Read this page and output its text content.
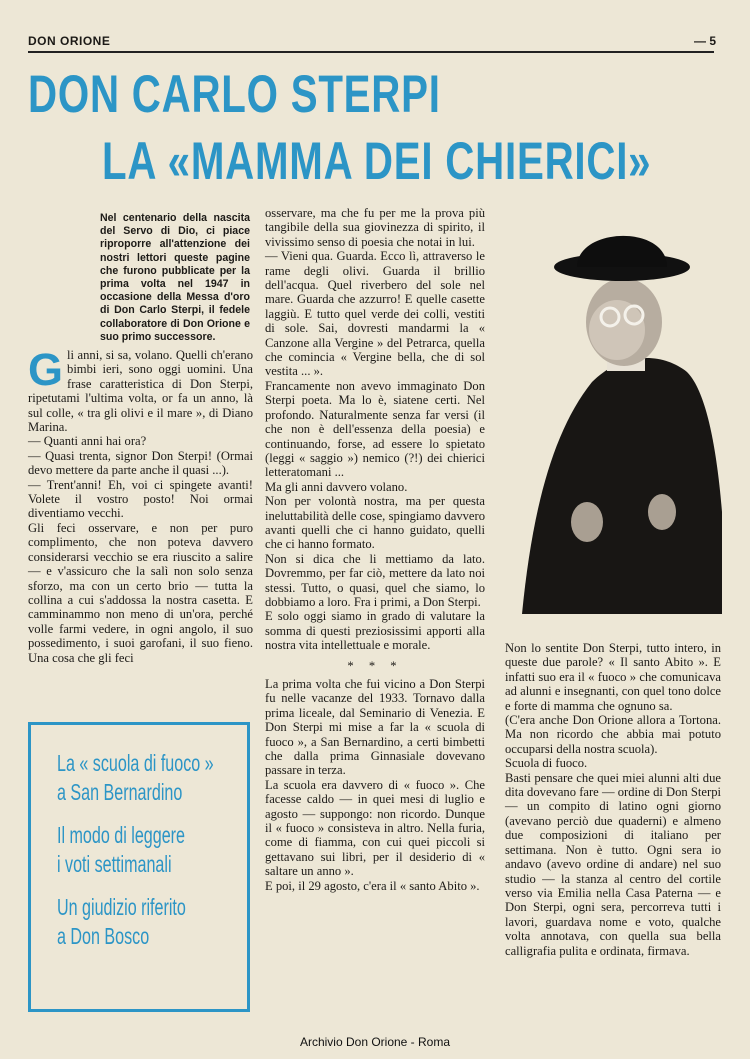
DON ORIONE	— 5
DON CARLO STERPI
LA «MAMMA DEI CHIERICI»
Nel centenario della nascita del Servo di Dio, ci piace riproporre all'attenzione dei nostri lettori queste pagine che furono pubblicate per la prima volta nel 1947 in occasione della Messa d'oro di Don Carlo Sterpi, il fedele collaboratore di Don Orione e suo primo successore.
Gli anni, si sa, volano. Quelli ch'erano bimbi ieri, sono oggi uomini. Una frase caratteristica di Don Sterpi, ripetutami l'ultima volta, or fa un anno, là sul colle, « tra gli olivi e il mare », di Diano Marina.
— Quanti anni hai ora?
— Quasi trenta, signor Don Sterpi! (Ormai devo mettere da parte anche il quasi ...).
— Trent'anni! Eh, voi ci spingete avanti! Volete il vostro posto! Noi ormai diventiamo vecchi.
Gli feci osservare, e non per puro complimento, che non poteva davvero considerarsi vecchio se era riuscito a salire — e v'assicuro che la salì non solo senza sforzo, ma con un certo brio — tutta la collina a cui s'addossa la nostra casetta. E camminammo non meno di un'ora, perché volle farmi vedere, in ogni angolo, il suo possedimento, i suoi garofani, il suo fieno. Una cosa che gli feci
osservare, ma che fu per me la prova più tangibile della sua giovinezza di spirito, il vivissimo senso di poesia che notai in lui.
— Vieni qua. Guarda. Ecco lì, attraverso le rame degli olivi. Guarda il brillio dell'acqua. Quel riverbero del sole nel mare. Guarda che azzurro! E quelle casette laggiù. E tutto quel verde dei colli, vestiti di sole. Sai, dovresti mandarmi la « Canzone alla Vergine » del Petrarca, quella che comincia « Vergine bella, che di sol vestita ... ».
Francamente non avevo immaginato Don Sterpi poeta. Ma lo è, siatene certi. Nel profondo. Naturalmente senza far versi (il che non è dell'essenza della poesia) e continuando, forse, ad essere lo spietato (leggi « saggio ») nemico (?!) dei chierici letteratomani ...
Ma gli anni davvero volano.
Non per volontà nostra, ma per questa ineluttabilità delle cose, spingiamo davvero avanti quelli che ci hanno guidato, quelli che ci hanno formato.
Non si dica che li mettiamo da lato. Dovremmo, per far ciò, mettere da lato noi stessi. Tutto, o quasi, quel che siamo, lo dobbiamo a loro. Fra i primi, a Don Sterpi.
E solo oggi siamo in grado di valutare la somma di questi preziosissimi apporti alla nostra vita intellettuale e morale.
* * *
La prima volta che fui vicino a Don Sterpi fu nelle vacanze del 1933. Tornavo dalla prima liceale, dal Seminario di Venezia. E Don Sterpi mi mise a far la « scuola di fuoco », a San Bernardino, a certi bimbetti che dalla prima Ginnasiale dovevano passare in terza.
La scuola era davvero di « fuoco ». Che facesse caldo — in quei mesi di luglio e agosto — suppongo: non ricordo. Dunque il « fuoco » consisteva in altro. Nella furia, come di fiamma, con cui quei piccoli si gettavano sui libri, per il desiderio di « saltare un anno ».
E poi, il 29 agosto, c'era il « santo Abito ».
Non lo sentite Don Sterpi, tutto intero, in queste due parole? « Il santo Abito ». E infatti suo era il « fuoco » che comunicava ad alunni e insegnanti, con quel tono dolce e forte di mamma che ognuno sa.
(C'era anche Don Orione allora a Tortona. Ma non ricordo che abbia mai potuto occuparsi della nostra scuola).
Scuola di fuoco.
Basti pensare che quei miei alunni alti due dita dovevano fare — ordine di Don Sterpi — un compito di latino ogni giorno (avevano perciò due quaderni) e almeno due composizioni di italiano per settimana. Non è tutto. Ogni sera io andavo (avevo ordine di andare) nel suo studio — la stanza al centro del cortile verso via Emilia nella Casa Paterna — e Don Sterpi, ogni sera, percorreva tutti i lavori, guardava nome e voto, qualche volta annotava, con quella sua bella calligrafia pulita e ordinata, firmava.
La « scuola di fuoco »
a San Bernardino
Il modo di leggere
i voti settimanali
Un giudizio riferito
a Don Bosco
Archivio Don Orione - Roma
